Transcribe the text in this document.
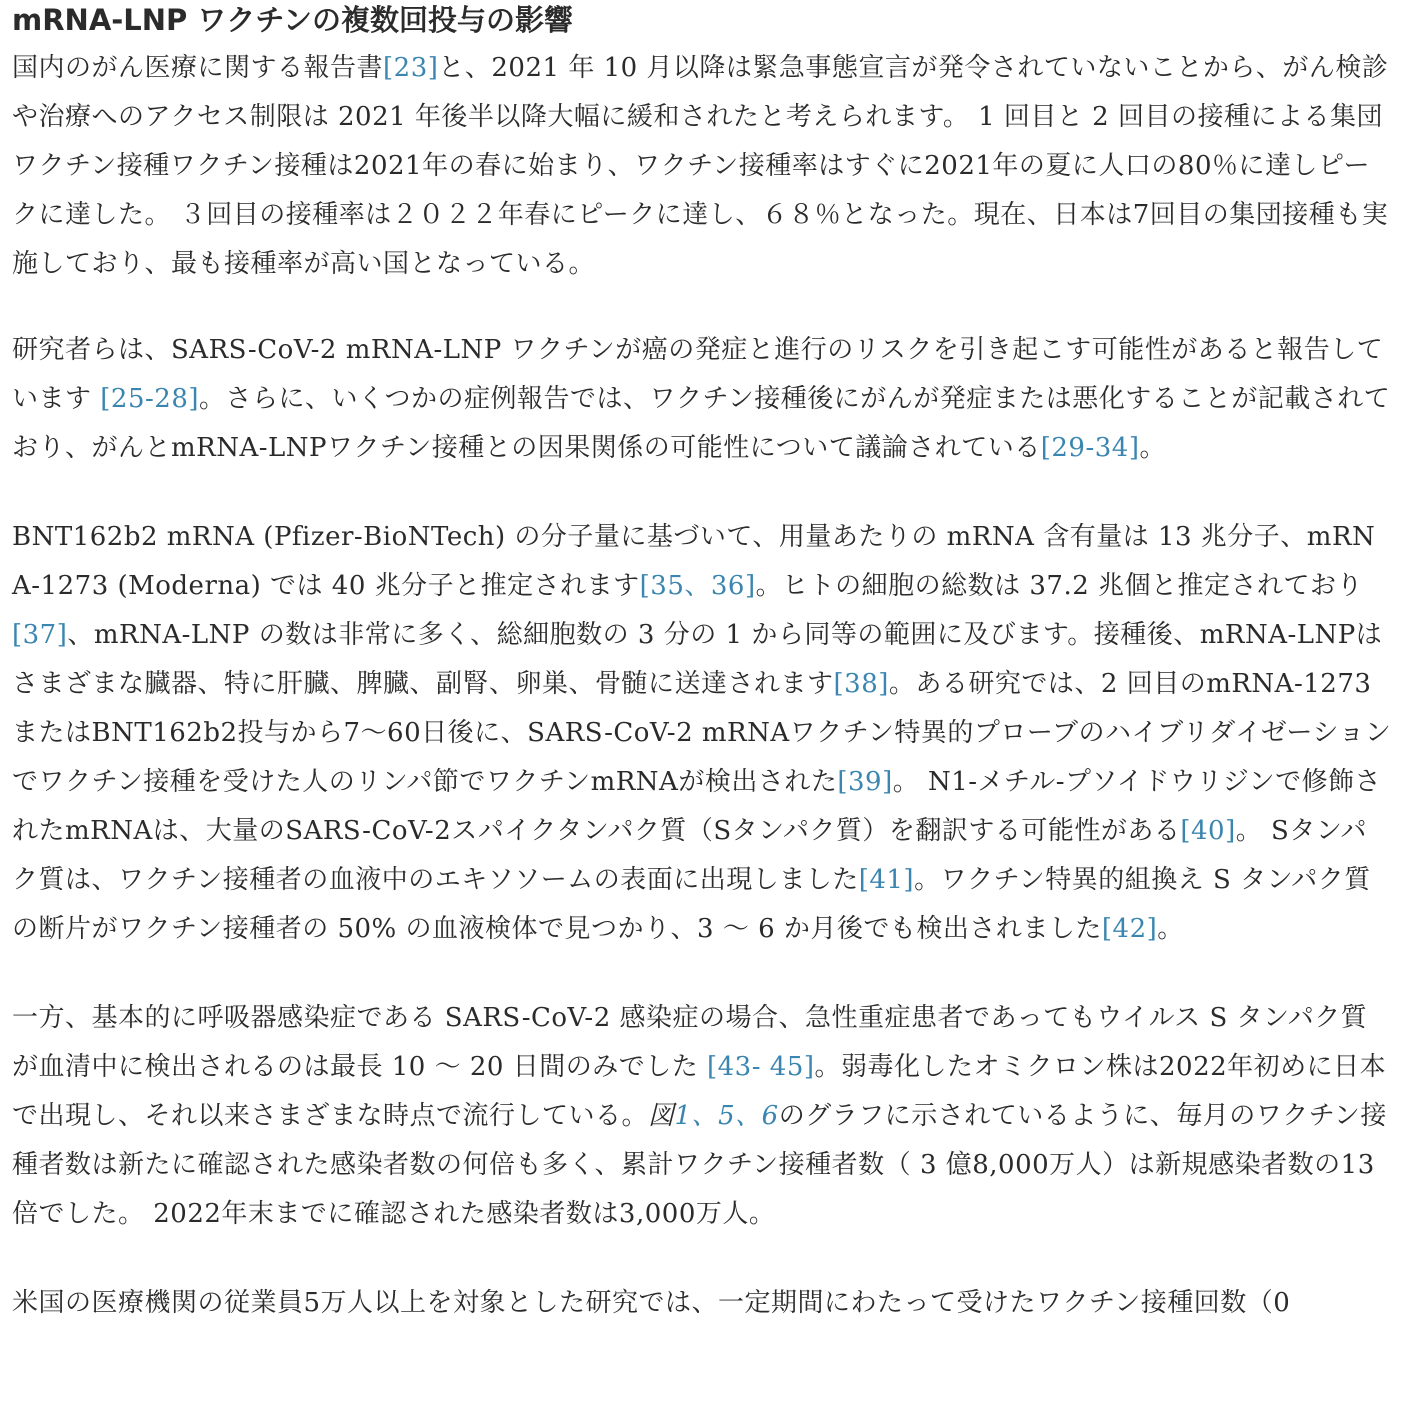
mRNA-LNP ワクチンの複数回投与の影響

国内のがん医療に関する報告書[23]と、2021 年 10 月以降は緊急事態宣言が発令されていないことから、がん検診や治療へのアクセス制限は 2021 年後半以降大幅に緩和されたと考えられます。 1 回目と 2 回目の接種による集団ワクチン接種ワクチン接種は2021年の春に始まり、ワクチン接種率はすぐに2021年の夏に人口の80％に達しピークに達した。 ３回目の接種率は２０２２年春にピークに達し、６８％となった。現在、日本は7回目の集団接種も実施しており、最も接種率が高い国となっている。

研究者らは、SARS-CoV-2 mRNA-LNP ワクチンが癌の発症と進行のリスクを引き起こす可能性があると報告しています [25-28]。さらに、いくつかの症例報告では、ワクチン接種後にがんが発症または悪化することが記載されており、がんとmRNA-LNPワクチン接種との因果関係の可能性について議論されている[29-34]。

BNT162b2 mRNA (Pfizer-BioNTech) の分子量に基づいて、用量あたりの mRNA 含有量は 13 兆分子、mRNA-1273 (Moderna) では 40 兆分子と推定されます[35、36]。ヒトの細胞の総数は 37.2 兆個と推定されており [37]、mRNA-LNP の数は非常に多く、総細胞数の 3 分の 1 から同等の範囲に及びます。接種後、mRNA-LNPはさまざまな臓器、特に肝臓、脾臓、副腎、卵巣、骨髄に送達されます[38]。ある研究では、2 回目のmRNA-1273またはBNT162b2投与から7〜60日後に、SARS-CoV-2 mRNAワクチン特異的プローブのハイブリダイゼーションでワクチン接種を受けた人のリンパ節でワクチンmRNAが検出された[39]。 N1-メチル-プソイドウリジンで修飾されたmRNAは、大量のSARS-CoV-2スパイクタンパク質（Sタンパク質）を翻訳する可能性がある[40]。 Sタンパク質は、ワクチン接種者の血液中のエキソソームの表面に出現しました[41]。ワクチン特異的組換え S タンパク質の断片がワクチン接種者の 50% の血液検体で見つかり、3 〜 6 か月後でも検出されました[42]。

一方、基本的に呼吸器感染症である SARS-CoV-2 感染症の場合、急性重症患者であってもウイルス S タンパク質が血清中に検出されるのは最長 10 〜 20 日間のみでした [43- 45]。弱毒化したオミクロン株は2022年初めに日本で出現し、それ以来さまざまな時点で流行している。図1、5、6のグラフに示されているように、毎月のワクチン接種者数は新たに確認された感染者数の何倍も多く、累計ワクチン接種者数（ 3 億8,000万人）は新規感染者数の13倍でした。 2022年末までに確認された感染者数は3,000万人。

米国の医療機関の従業員5万人以上を対象とした研究では、一定期間にわたって受けたワクチン接種回数（0
